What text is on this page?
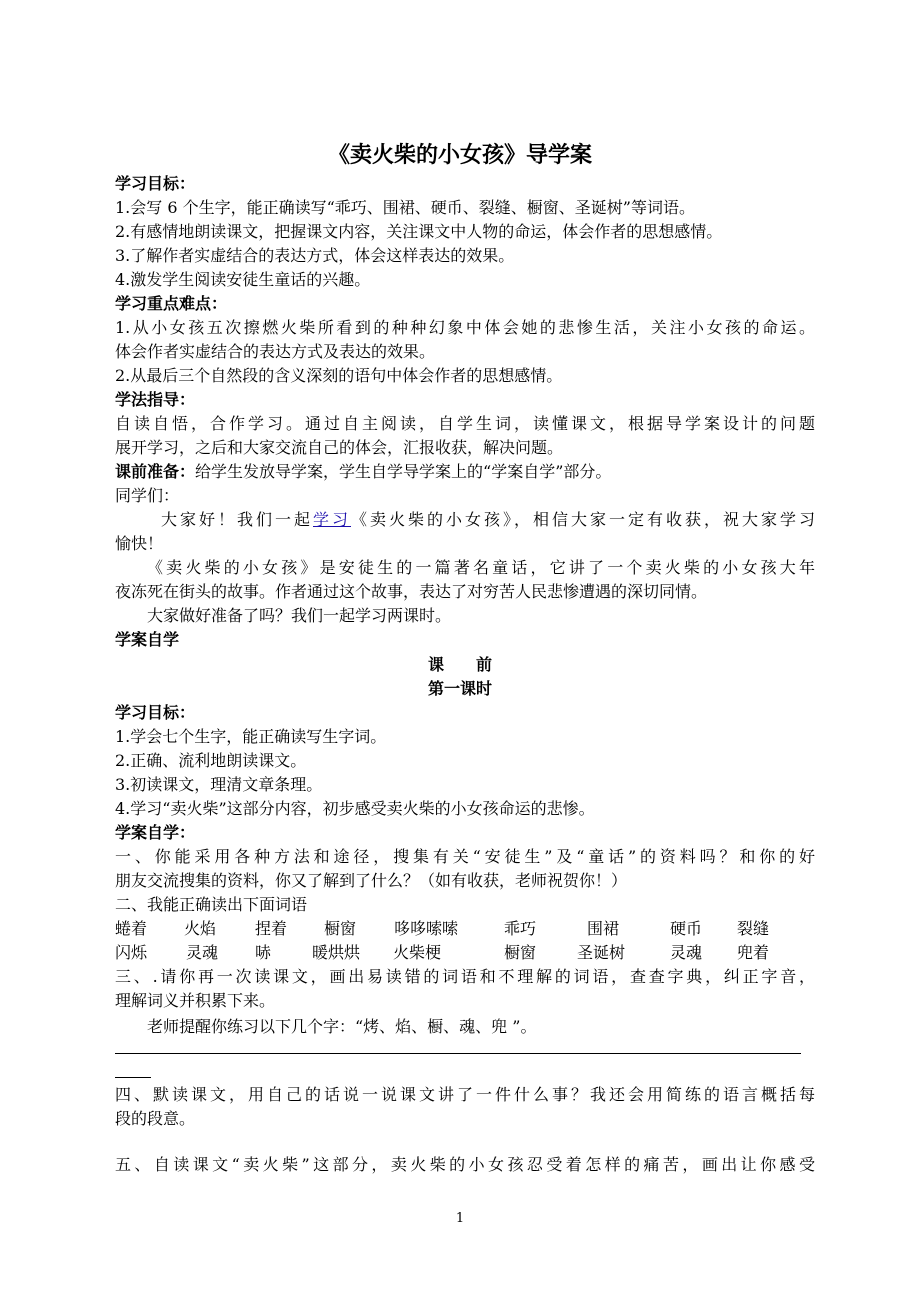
《卖火柴的小女孩》导学案
学习目标：
1.会写 6 个生字，能正确读写“乖巧、围裙、硬币、裂缝、橱窗、圣诞树”等词语。
2.有感情地朗读课文，把握课文内容，关注课文中人物的命运，体会作者的思想感情。
3.了解作者实虚结合的表达方式，体会这样表达的效果。
4.激发学生阅读安徒生童话的兴趣。
学习重点难点：
1.从小女孩五次擦燃火柴所看到的种种幻象中体会她的悲惨生活，关注小女孩的命运。
体会作者实虚结合的表达方式及表达的效果。
2.从最后三个自然段的含义深刻的语句中体会作者的思想感情。
学法指导：
自读自悟，合作学习。通过自主阅读，自学生词，读懂课文，根据导学案设计的问题
展开学习，之后和大家交流自己的体会，汇报收获，解决问题。
课前准备：给学生发放导学案，学生自学导学案上的“学案自学”部分。
同学们：
大家好！我们一起学习《卖火柴的小女孩》，相信大家一定有收获，祝大家学习
愉快！
《卖火柴的小女孩》是安徒生的一篇著名童话，它讲了一个卖火柴的小女孩大年
夜冻死在街头的故事。作者通过这个故事，表达了对穷苦人民悲惨遭遇的深切同情。
大家做好准备了吗？我们一起学习两课时。
学案自学
课　　前
第一课时
学习目标：
1.学会七个生字，能正确读写生字词。
2.正确、流利地朗读课文。
3.初读课文，理清文章条理。
4.学习“卖火柴”这部分内容，初步感受卖火柴的小女孩命运的悲惨。
学案自学：
一、你能采用各种方法和途径，搜集有关“安徒生”及“童话”的资料吗？和你的好
朋友交流搜集的资料，你又了解到了什么？（如有收获，老师祝贺你！）
二、我能正确读出下面词语
蜷着 火焰 捏着 橱窗 哆哆嗦嗦	乖巧	围裙	硬币 裂缝
闪烁 灵魂 哧	暖烘烘 火柴梗	橱窗	圣诞树	灵魂 兜着
三、.请你再一次读课文，画出易读错的词语和不理解的词语，查查字典，纠正字音，
理解词义并积累下来。
老师提醒你练习以下几个字：“烤、焰、橱、魂、兜 ”。
四、默读课文，用自己的话说一说课文讲了一件什么事？我还会用简练的语言概括每
段的段意。
五、自读课文“卖火柴”这部分，卖火柴的小女孩忍受着怎样的痛苦，画出让你感受
1
